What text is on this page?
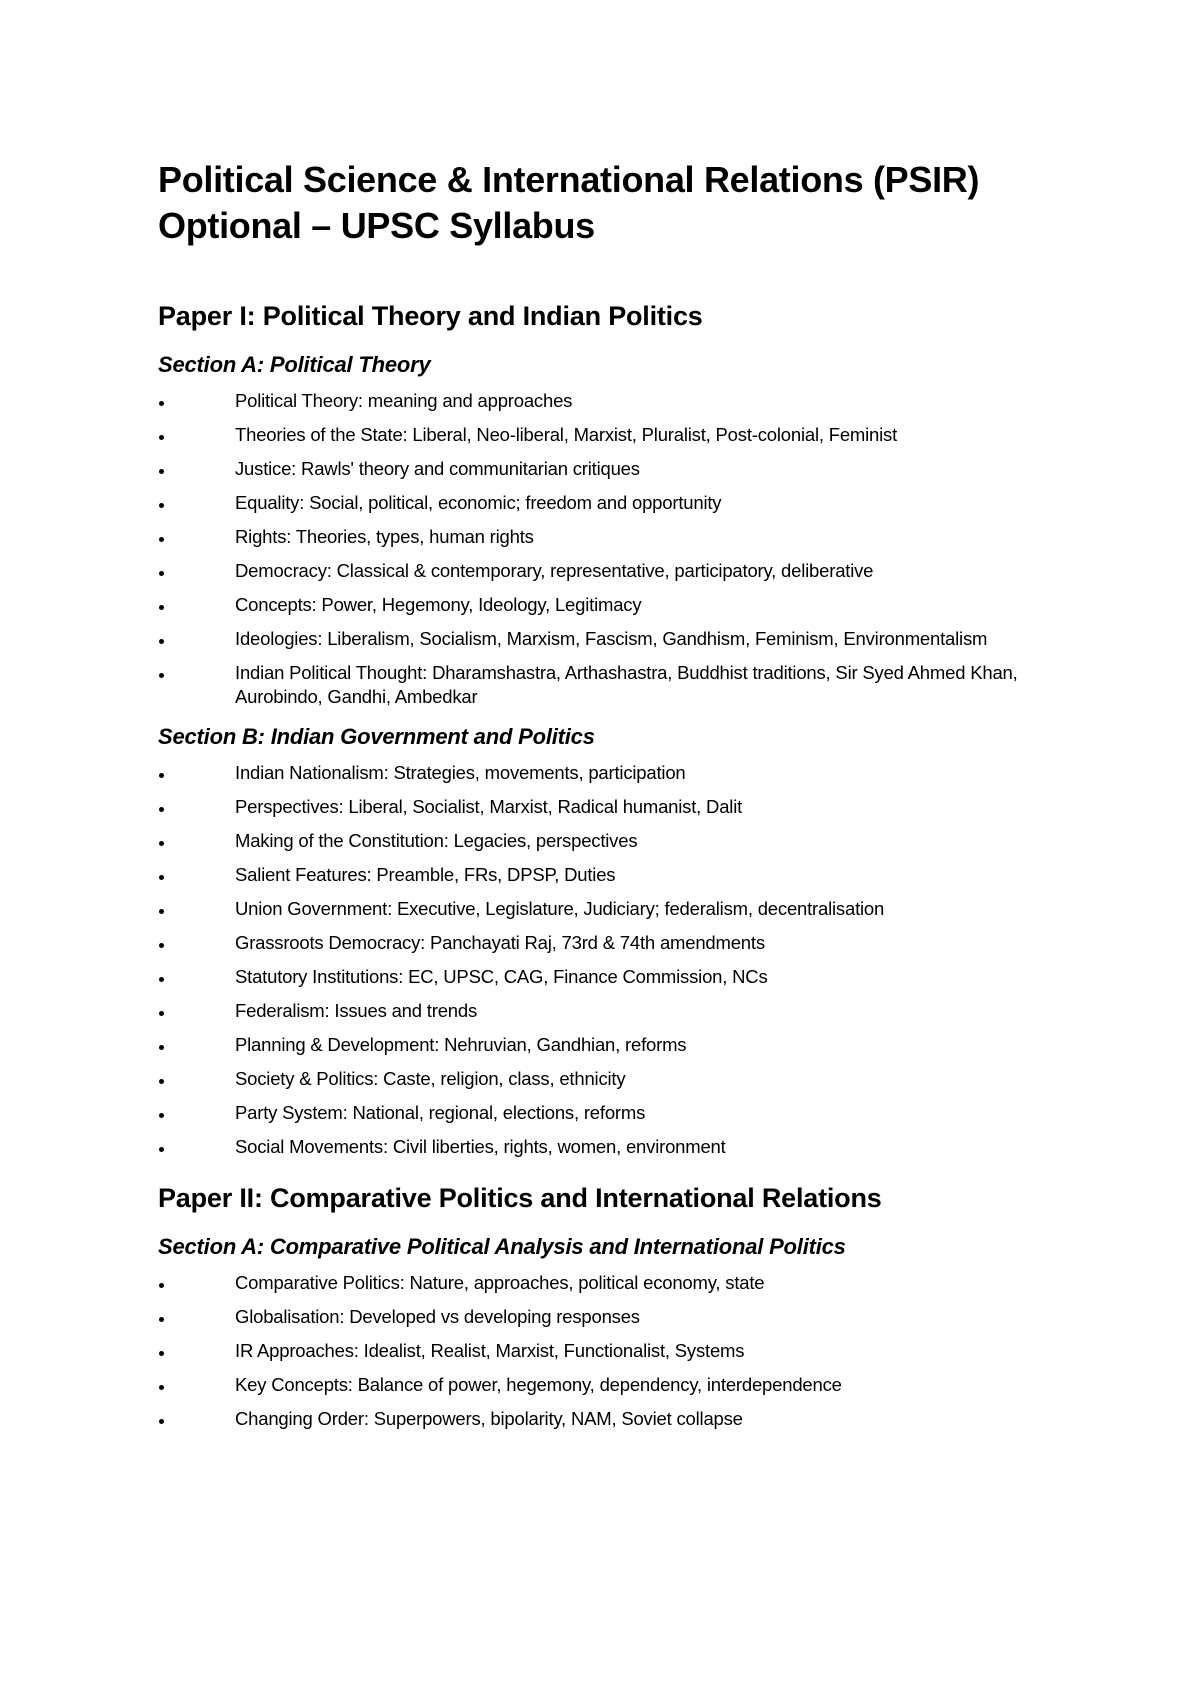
Political Science & International Relations (PSIR)
Optional – UPSC Syllabus
Paper I: Political Theory and Indian Politics
Section A: Political Theory
Political Theory: meaning and approaches
Theories of the State: Liberal, Neo-liberal, Marxist, Pluralist, Post-colonial, Feminist
Justice: Rawls' theory and communitarian critiques
Equality: Social, political, economic; freedom and opportunity
Rights: Theories, types, human rights
Democracy: Classical & contemporary, representative, participatory, deliberative
Concepts: Power, Hegemony, Ideology, Legitimacy
Ideologies: Liberalism, Socialism, Marxism, Fascism, Gandhism, Feminism, Environmentalism
Indian Political Thought: Dharamshastra, Arthashastra, Buddhist traditions, Sir Syed Ahmed Khan, Aurobindo, Gandhi, Ambedkar
Section B: Indian Government and Politics
Indian Nationalism: Strategies, movements, participation
Perspectives: Liberal, Socialist, Marxist, Radical humanist, Dalit
Making of the Constitution: Legacies, perspectives
Salient Features: Preamble, FRs, DPSP, Duties
Union Government: Executive, Legislature, Judiciary; federalism, decentralisation
Grassroots Democracy: Panchayati Raj, 73rd & 74th amendments
Statutory Institutions: EC, UPSC, CAG, Finance Commission, NCs
Federalism: Issues and trends
Planning & Development: Nehruvian, Gandhian, reforms
Society & Politics: Caste, religion, class, ethnicity
Party System: National, regional, elections, reforms
Social Movements: Civil liberties, rights, women, environment
Paper II: Comparative Politics and International Relations
Section A: Comparative Political Analysis and International Politics
Comparative Politics: Nature, approaches, political economy, state
Globalisation: Developed vs developing responses
IR Approaches: Idealist, Realist, Marxist, Functionalist, Systems
Key Concepts: Balance of power, hegemony, dependency, interdependence
Changing Order: Superpowers, bipolarity, NAM, Soviet collapse
